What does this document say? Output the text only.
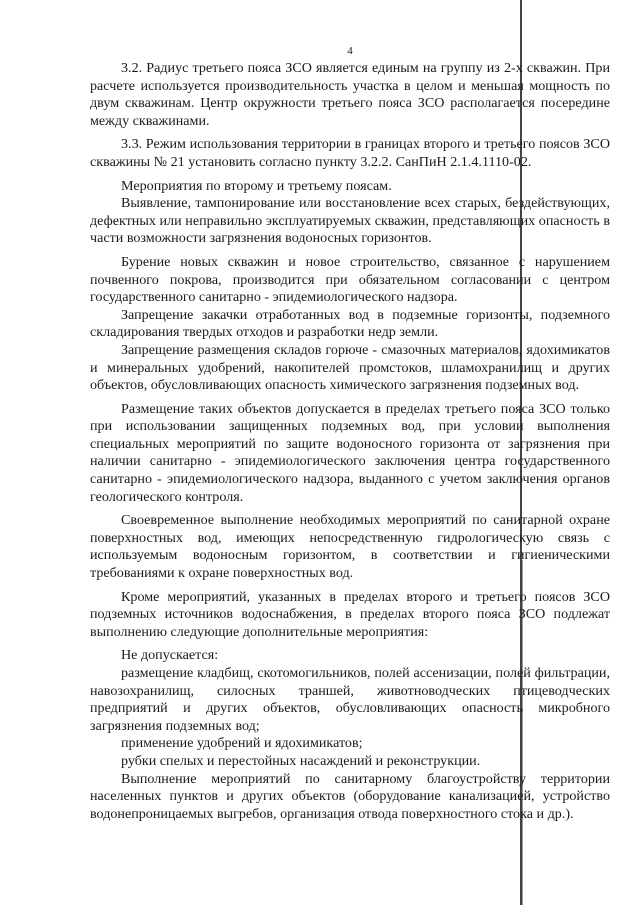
4

3.2. Радиус третьего пояса ЗСО является единым на группу из 2-х скважин. При расчете используется производительность участка в целом и меньшая мощность по двум скважинам. Центр окружности третьего пояса ЗСО располагается посередине между скважинами.

3.3. Режим использования территории в границах второго и третьего поясов ЗСО скважины № 21 установить согласно пункту 3.2.2. СанПиН 2.1.4.1110-02.

Мероприятия по второму и третьему поясам.

Выявление, тампонирование или восстановление всех старых, бездействующих, дефектных или неправильно эксплуатируемых скважин, представляющих опасность в части возможности загрязнения водоносных горизонтов.

Бурение новых скважин и новое строительство, связанное с нарушением почвенного покрова, производится при обязательном согласовании с центром государственного санитарно - эпидемиологического надзора.

Запрещение закачки отработанных вод в подземные горизонты, подземного складирования твердых отходов и разработки недр земли.

Запрещение размещения складов горюче - смазочных материалов, ядохимикатов и минеральных удобрений, накопителей промстоков, шламохранилищ и других объектов, обусловливающих опасность химического загрязнения подземных вод.

Размещение таких объектов допускается в пределах третьего пояса ЗСО только при использовании защищенных подземных вод, при условии выполнения специальных мероприятий по защите водоносного горизонта от загрязнения при наличии санитарно - эпидемиологического заключения центра государственного санитарно - эпидемиологического надзора, выданного с учетом заключения органов геологического контроля.

Своевременное выполнение необходимых мероприятий по санитарной охране поверхностных вод, имеющих непосредственную гидрологическую связь с используемым водоносным горизонтом, в соответствии и гигиеническими требованиями к охране поверхностных вод.

Кроме мероприятий, указанных в пределах второго и третьего поясов ЗСО подземных источников водоснабжения, в пределах второго пояса ЗСО подлежат выполнению следующие дополнительные мероприятия:

Не допускается:

размещение кладбищ, скотомогильников, полей ассенизации, полей фильтрации, навозохранилищ, силосных траншей, животноводческих птицеводческих предприятий и других объектов, обусловливающих опасность микробного загрязнения подземных вод;

применение удобрений и ядохимикатов;

рубки спелых и перестойных насаждений и реконструкции.

Выполнение мероприятий по санитарному благоустройству территории населенных пунктов и других объектов (оборудование канализацией, устройство водонепроницаемых выгребов, организация отвода поверхностного стока и др.).
